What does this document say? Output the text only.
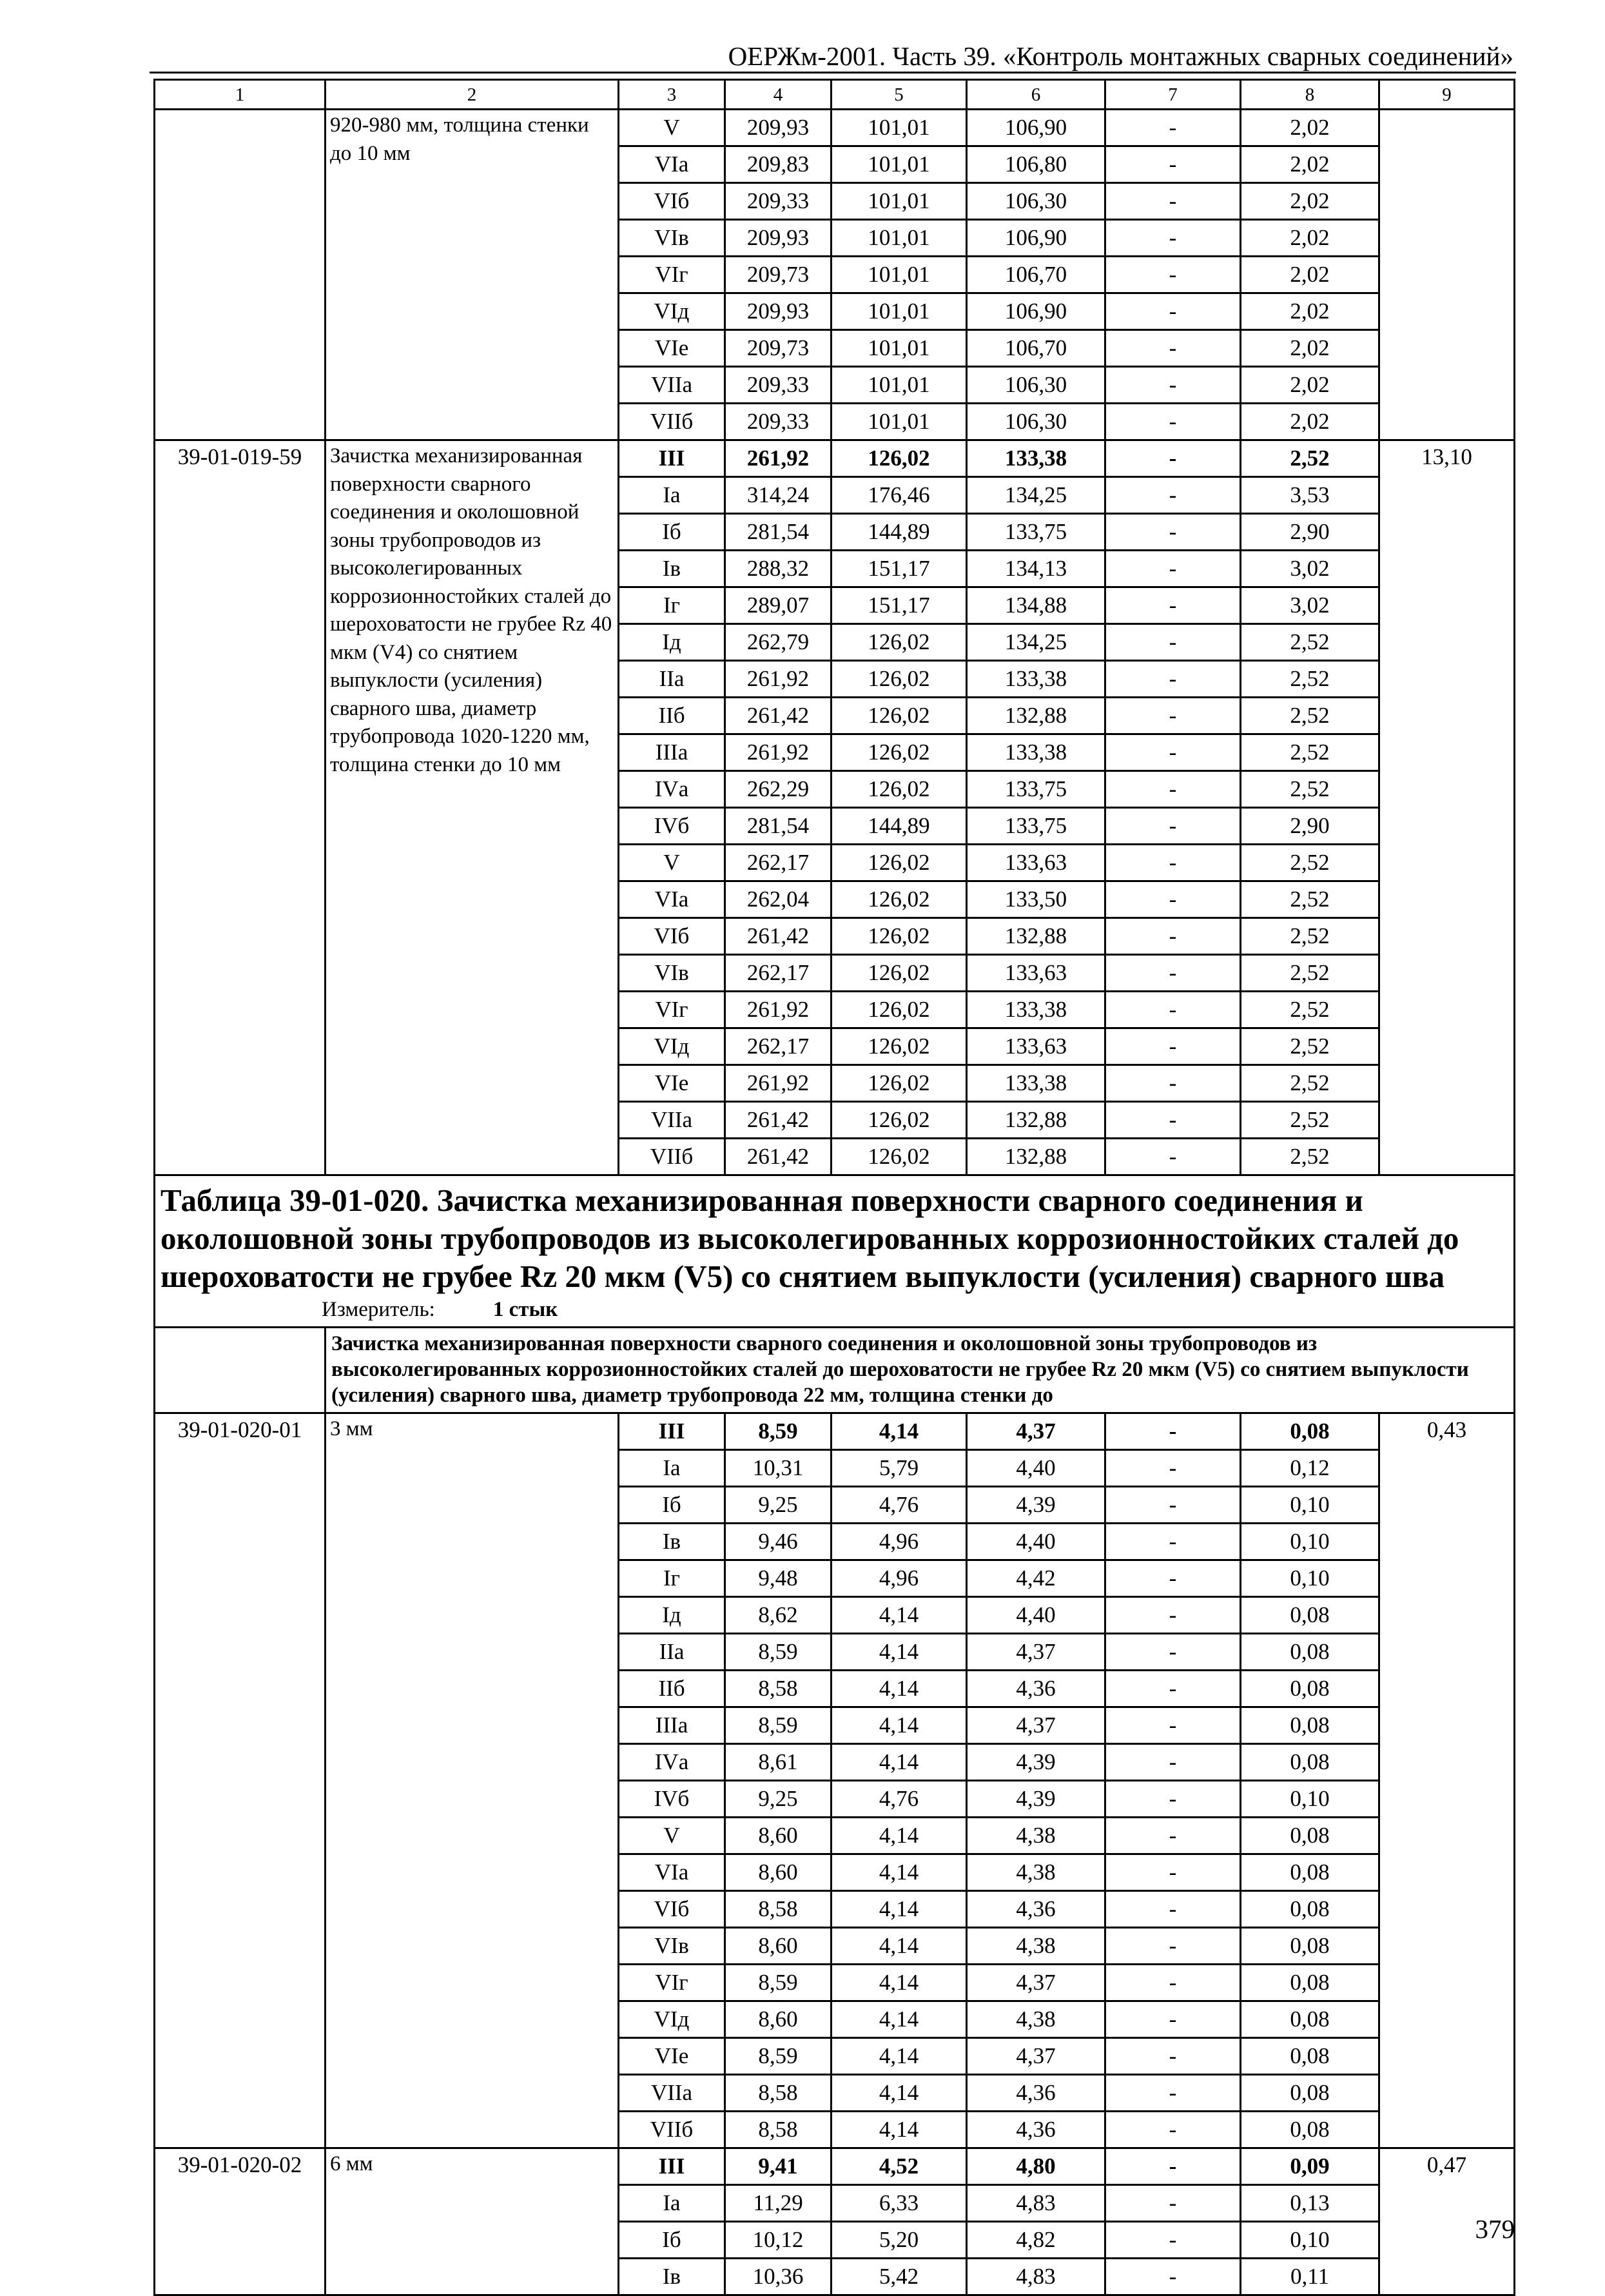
ОЕРЖм-2001. Часть 39. «Контроль монтажных сварных соединений»
1	2	3	4	5	6	7	8	9
	920-980 мм, толщина стенки до 10 мм	V	209,93	101,01	106,90	-	2,02	
		VIа	209,83	101,01	106,80	-	2,02	
		VIб	209,33	101,01	106,30	-	2,02	
		VIв	209,93	101,01	106,90	-	2,02	
		VIг	209,73	101,01	106,70	-	2,02	
		VIд	209,93	101,01	106,90	-	2,02	
		VIе	209,73	101,01	106,70	-	2,02	
		VIIа	209,33	101,01	106,30	-	2,02	
		VIIб	209,33	101,01	106,30	-	2,02	
39-01-019-59	Зачистка механизированная поверхности сварного соединения и околошовной зоны трубопроводов из высоколегированных коррозионностойких сталей до шероховатости не грубее Rz 40 мкм (V4) со снятием выпуклости (усиления) сварного шва, диаметр трубопровода 1020-1220 мм, толщина стенки до 10 мм	III	261,92	126,02	133,38	-	2,52	13,10
		Iа	314,24	176,46	134,25	-	3,53	
		Iб	281,54	144,89	133,75	-	2,90	
		Iв	288,32	151,17	134,13	-	3,02	
		Iг	289,07	151,17	134,88	-	3,02	
		Iд	262,79	126,02	134,25	-	2,52	
		IIа	261,92	126,02	133,38	-	2,52	
		IIб	261,42	126,02	132,88	-	2,52	
		IIIа	261,92	126,02	133,38	-	2,52	
		IVа	262,29	126,02	133,75	-	2,52	
		IVб	281,54	144,89	133,75	-	2,90	
		V	262,17	126,02	133,63	-	2,52	
		VIа	262,04	126,02	133,50	-	2,52	
		VIб	261,42	126,02	132,88	-	2,52	
		VIв	262,17	126,02	133,63	-	2,52	
		VIг	261,92	126,02	133,38	-	2,52	
		VIд	262,17	126,02	133,63	-	2,52	
		VIе	261,92	126,02	133,38	-	2,52	
		VIIа	261,42	126,02	132,88	-	2,52	
		VIIб	261,42	126,02	132,88	-	2,52	

Таблица 39-01-020. Зачистка механизированная поверхности сварного соединения и околошовной зоны трубопроводов из высоколегированных коррозионностойких сталей до шероховатости не грубее Rz 20 мкм (V5) со снятием выпуклости (усиления) сварного шва
Измеритель: 1 стык								

	Зачистка механизированная поверхности сварного соединения и околошовной зоны трубопроводов из высоколегированных коррозионностойких сталей до шероховатости не грубее Rz 20 мкм (V5) со снятием выпуклости (усиления) сварного шва, диаметр трубопровода 22 мм, толщина стенки до							

39-01-020-01	3 мм	III	8,59	4,14	4,37	-	0,08	0,43
		Iа	10,31	5,79	4,40	-	0,12	
		Iб	9,25	4,76	4,39	-	0,10	
		Iв	9,46	4,96	4,40	-	0,10	
		Iг	9,48	4,96	4,42	-	0,10	
		Iд	8,62	4,14	4,40	-	0,08	
		IIа	8,59	4,14	4,37	-	0,08	
		IIб	8,58	4,14	4,36	-	0,08	
		IIIа	8,59	4,14	4,37	-	0,08	
		IVа	8,61	4,14	4,39	-	0,08	
		IVб	9,25	4,76	4,39	-	0,10	
		V	8,60	4,14	4,38	-	0,08	
		VIа	8,60	4,14	4,38	-	0,08	
		VIб	8,58	4,14	4,36	-	0,08	
		VIв	8,60	4,14	4,38	-	0,08	
		VIг	8,59	4,14	4,37	-	0,08	
		VIд	8,60	4,14	4,38	-	0,08	
		VIе	8,59	4,14	4,37	-	0,08	
		VIIа	8,58	4,14	4,36	-	0,08	
		VIIб	8,58	4,14	4,36	-	0,08	
39-01-020-02	6 мм	III	9,41	4,52	4,80	-	0,09	0,47
		Iа	11,29	6,33	4,83	-	0,13	
		Iб	10,12	5,20	4,82	-	0,10	
		Iв	10,36	5,42	4,83	-	0,11	
379
